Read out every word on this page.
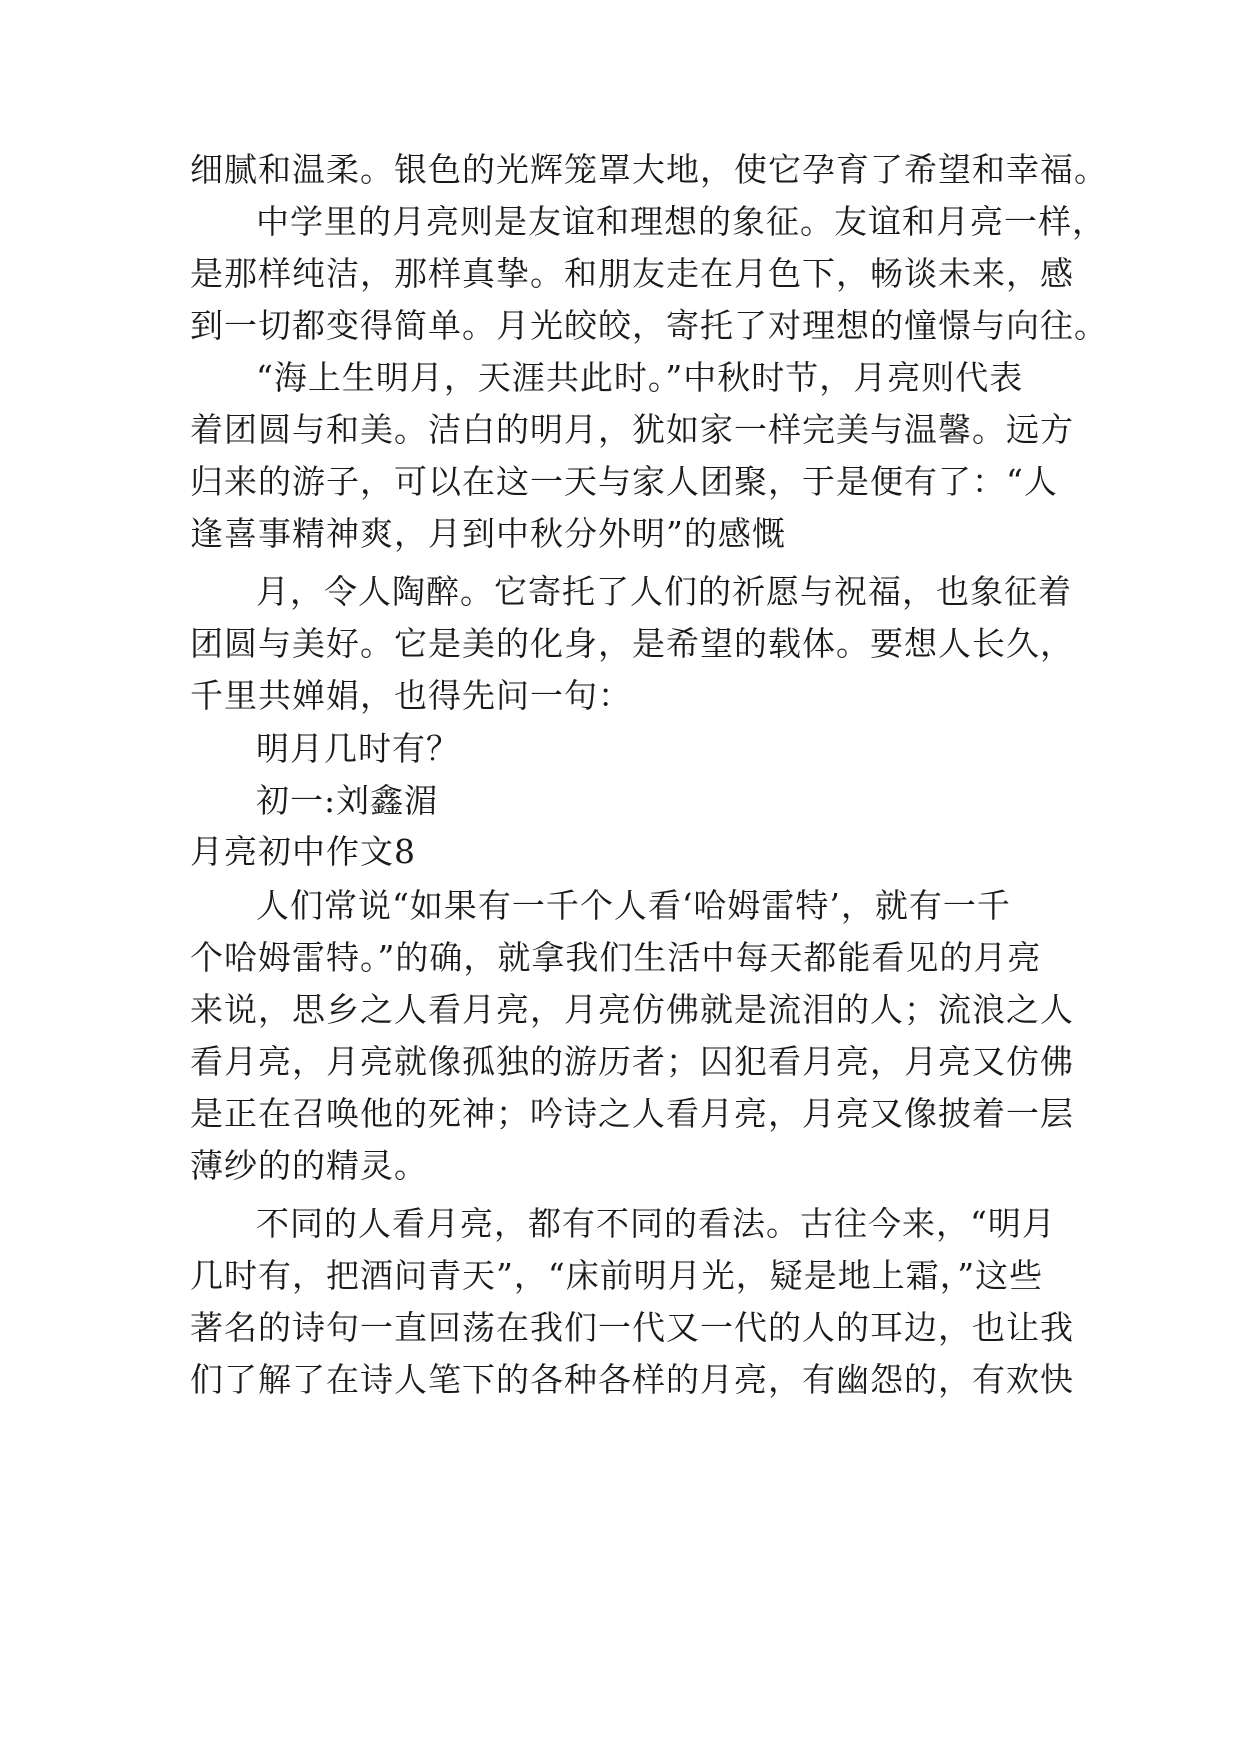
细腻和温柔。银色的光辉笼罩大地，使它孕育了希望和幸福。
中学里的月亮则是友谊和理想的象征。友谊和月亮一样，
是那样纯洁，那样真挚。和朋友走在月色下，畅谈未来，感
到一切都变得简单。月光皎皎，寄托了对理想的憧憬与向往。
“海上生明月，天涯共此时。”中秋时节，月亮则代表
着团圆与和美。洁白的明月，犹如家一样完美与温馨。远方
归来的游子，可以在这一天与家人团聚，于是便有了：“人
逢喜事精神爽，月到中秋分外明”的感慨
月，令人陶醉。它寄托了人们的祈愿与祝福，也象征着
团圆与美好。它是美的化身，是希望的载体。要想人长久，
千里共婵娟，也得先问一句：
明月几时有？
初一:刘鑫湄
月亮初中作文8
人们常说“如果有一千个人看‘哈姆雷特’，就有一千
个哈姆雷特。”的确，就拿我们生活中每天都能看见的月亮
来说，思乡之人看月亮，月亮仿佛就是流泪的人；流浪之人
看月亮，月亮就像孤独的游历者；囚犯看月亮，月亮又仿佛
是正在召唤他的死神；吟诗之人看月亮，月亮又像披着一层
薄纱的的精灵。
不同的人看月亮，都有不同的看法。古往今来，“明月
几时有，把酒问青天”，“床前明月光，疑是地上霜，”这些
著名的诗句一直回荡在我们一代又一代的人的耳边，也让我
们了解了在诗人笔下的各种各样的月亮，有幽怨的，有欢快
